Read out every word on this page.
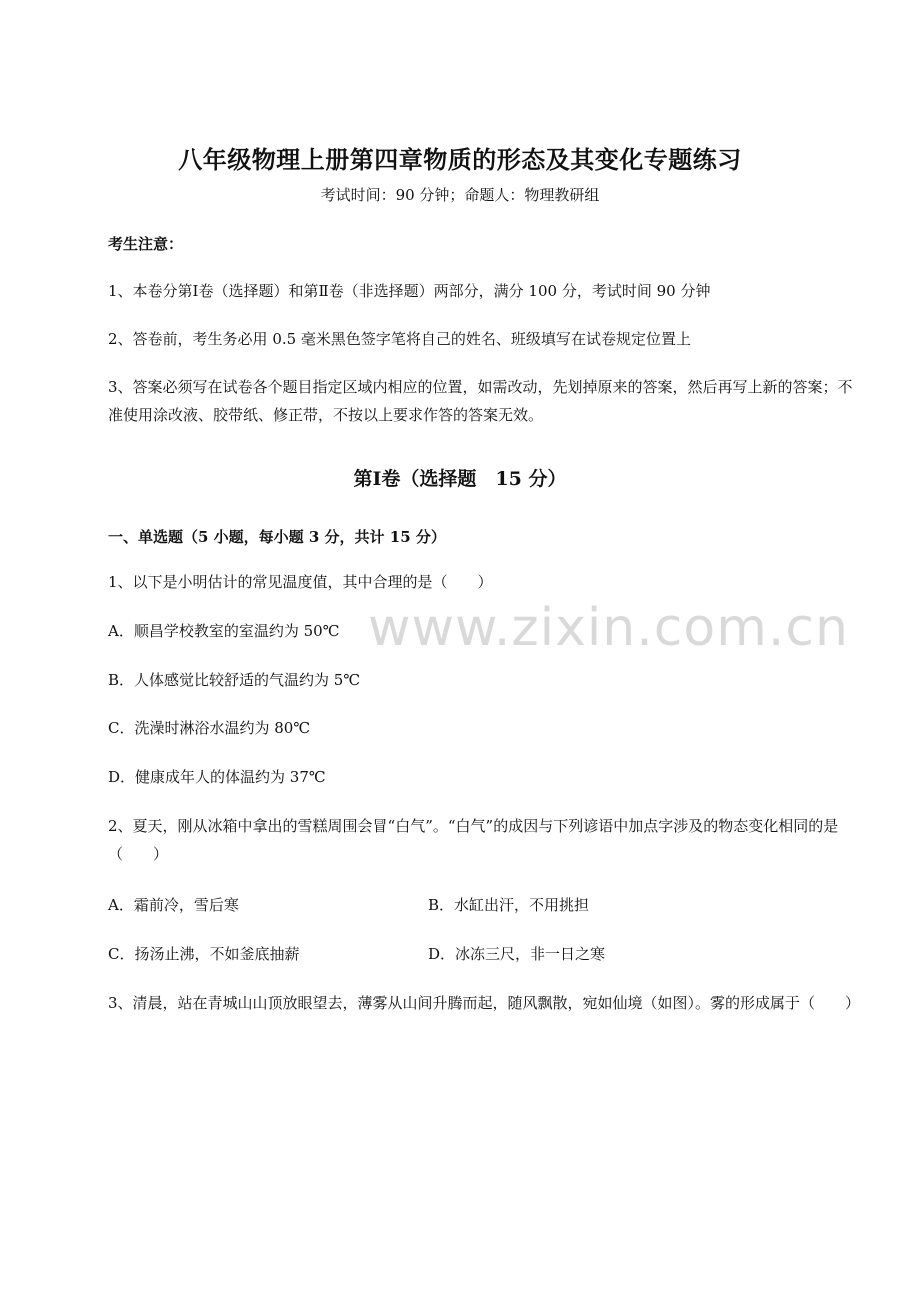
www.zixin.com.cn
八年级物理上册第四章物质的形态及其变化专题练习
考试时间：90 分钟；命题人：物理教研组
考生注意：
1、本卷分第Ⅰ卷（选择题）和第Ⅱ卷（非选择题）两部分，满分 100 分，考试时间 90 分钟
2、答卷前，考生务必用 0.5 毫米黑色签字笔将自己的姓名、班级填写在试卷规定位置上
3、答案必须写在试卷各个题目指定区域内相应的位置，如需改动，先划掉原来的答案，然后再写上新的答案；不准使用涂改液、胶带纸、修正带，不按以上要求作答的答案无效。
第Ⅰ卷（选择题　15 分）
一、单选题（5 小题，每小题 3 分，共计 15 分）
1、以下是小明估计的常见温度值，其中合理的是（　　）
A．顺昌学校教室的室温约为 50℃
B．人体感觉比较舒适的气温约为 5℃
C．洗澡时淋浴水温约为 80℃
D．健康成年人的体温约为 37℃
2、夏天，刚从冰箱中拿出的雪糕周围会冒“白气”。“白气”的成因与下列谚语中加点字涉及的物态变化相同的是（　　）
A．霜前冷，雪后寒	B．水缸出汗，不用挑担
C．扬汤止沸，不如釜底抽薪	D．冰冻三尺，非一日之寒
3、清晨，站在青城山山顶放眼望去，薄雾从山间升腾而起，随风飘散，宛如仙境（如图）。雾的形成属于（　　）
